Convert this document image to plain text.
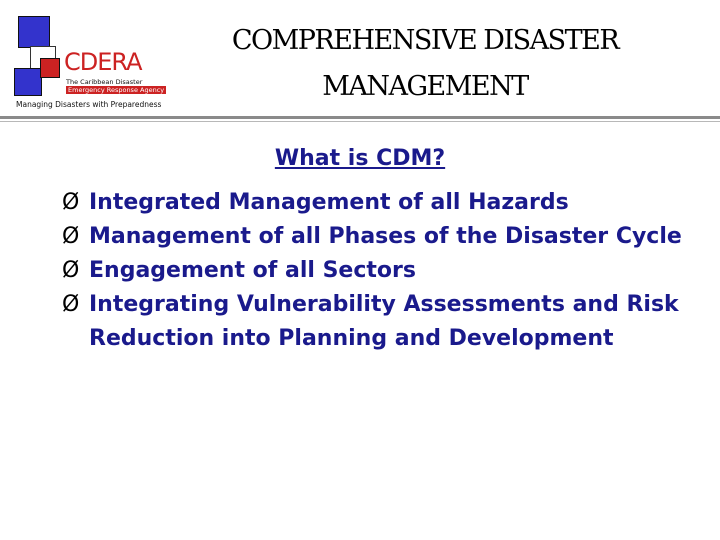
CDERA
The Caribbean Disaster
Emergency Response Agency
Managing Disasters with Preparedness
COMPREHENSIVE DISASTER
MANAGEMENT
What is CDM?
Ø Integrated Management of all Hazards
Ø Management of all Phases of the Disaster Cycle
Ø Engagement of all Sectors
Ø Integrating Vulnerability Assessments and Risk Reduction into Planning and Development
